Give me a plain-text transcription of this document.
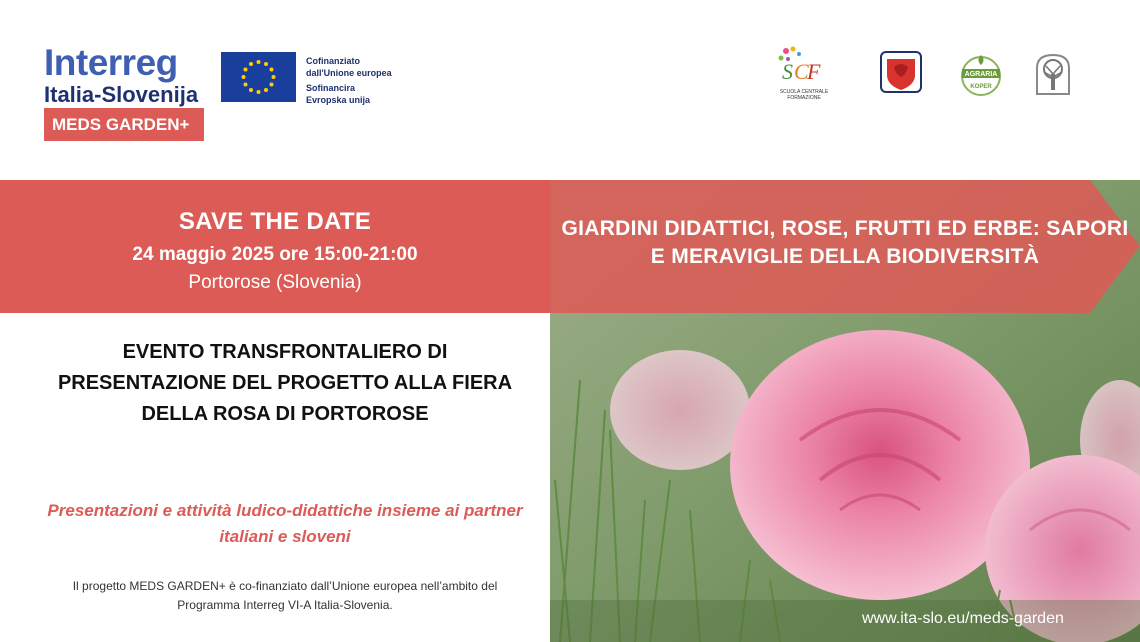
Interreg
Italia-Slovenija
MEDS GARDEN+
Cofinanziato
dall'Unione europea
Sofinancira
Evropska unija
S C
F
SCUOLA CENTRALE
FORMAZIONE
AGRARIA
KOPER
SAVE THE DATE
24 maggio 2025 ore 15:00-21:00
Portorose (Slovenia)
GIARDINI DIDATTICI, ROSE, FRUTTI ED ERBE: SAPORI E MERAVIGLIE DELLA BIODIVERSITÀ
EVENTO TRANSFRONTALIERO DI PRESENTAZIONE DEL PROGETTO ALLA FIERA DELLA ROSA DI PORTOROSE
Presentazioni e attività ludico-didattiche insieme ai partner italiani e sloveni
Il progetto MEDS GARDEN+ è co-finanziato dall’Unione europea nell’ambito del Programma Interreg VI-A Italia-Slovenia.
www.ita-slo.eu/meds-garden
